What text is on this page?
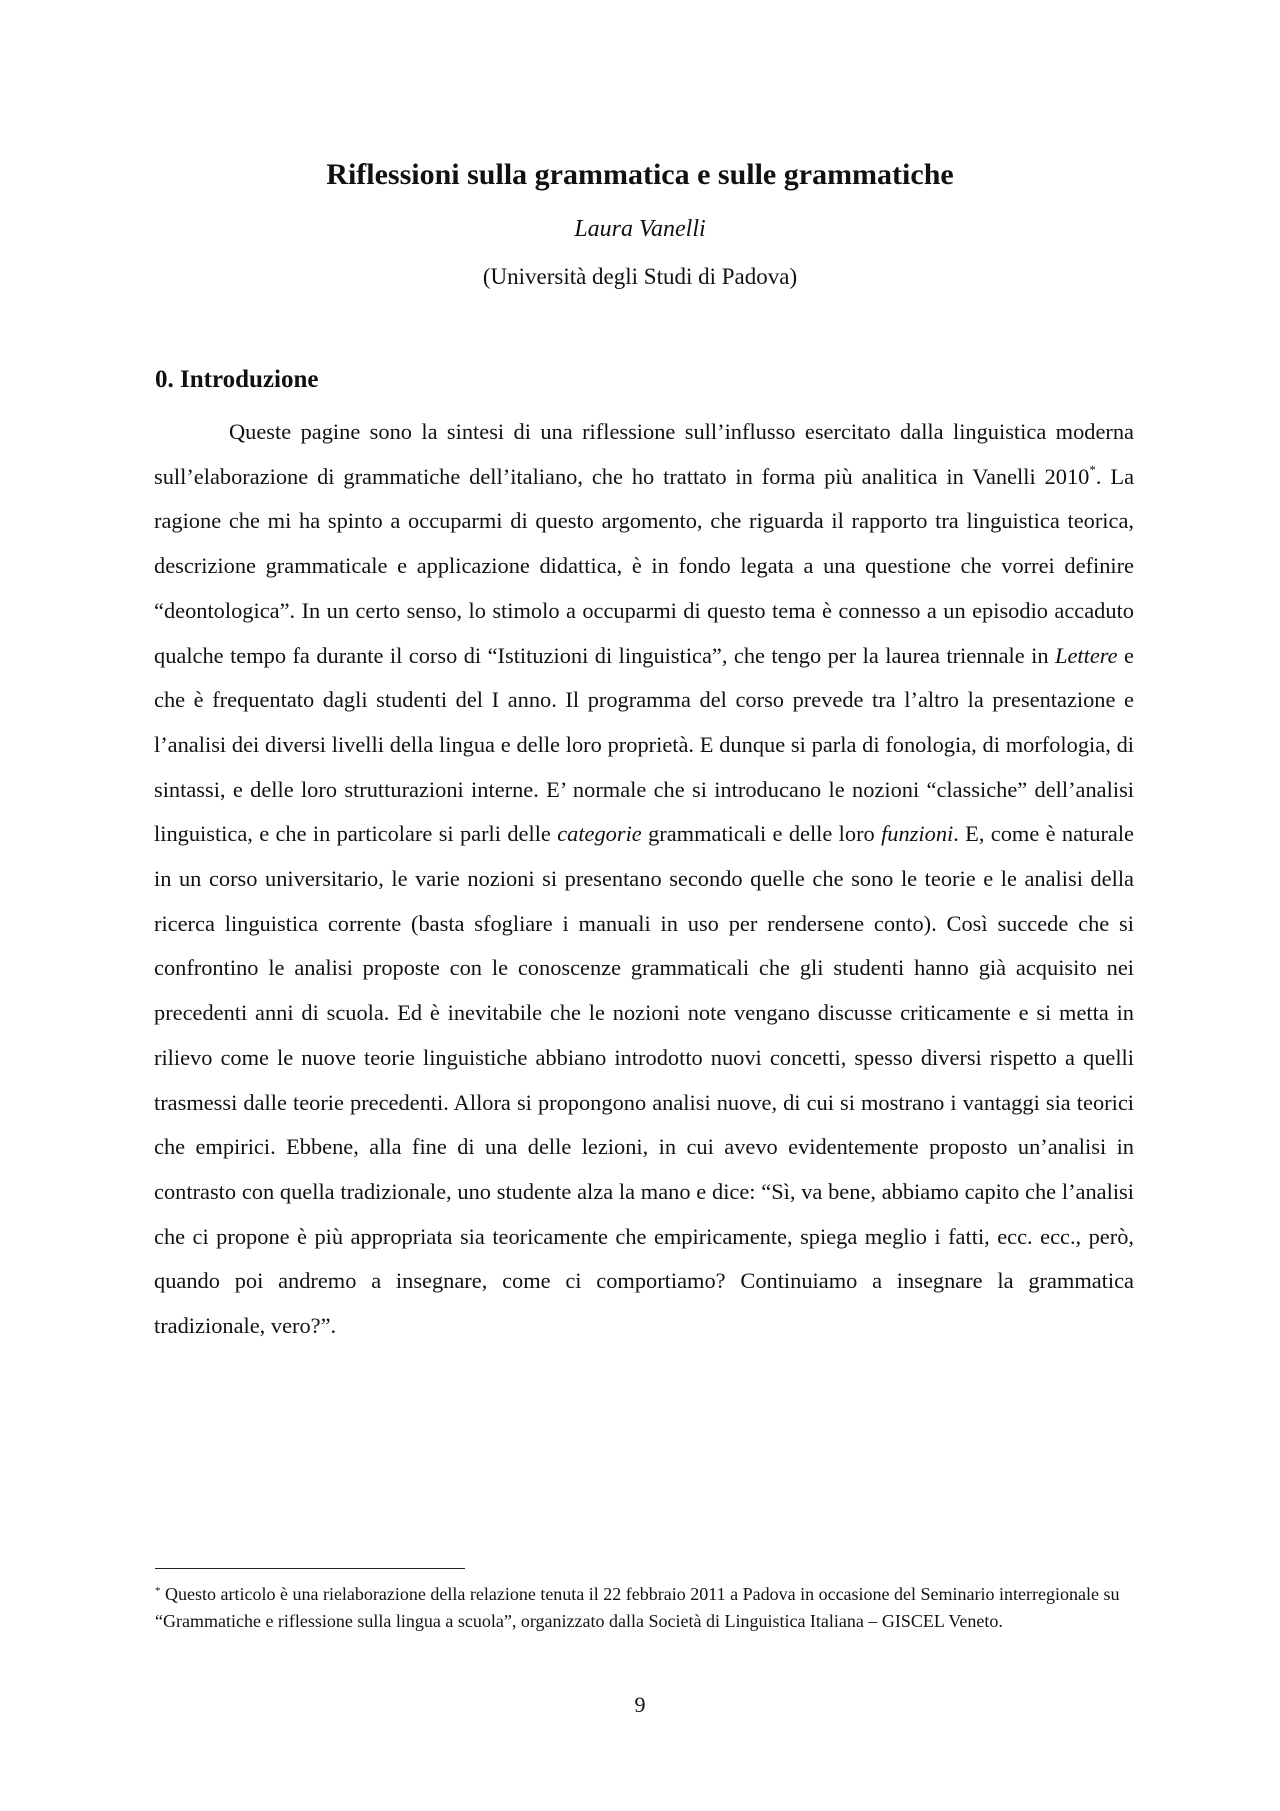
Riflessioni sulla grammatica e sulle grammatiche
Laura Vanelli
(Università degli Studi di Padova)
0. Introduzione
Queste pagine sono la sintesi di una riflessione sull’influsso esercitato dalla linguistica moderna sull’elaborazione di grammatiche dell’italiano, che ho trattato in forma più analitica in Vanelli 2010*. La ragione che mi ha spinto a occuparmi di questo argomento, che riguarda il rapporto tra linguistica teorica, descrizione grammaticale e applicazione didattica, è in fondo legata a una questione che vorrei definire “deontologica”. In un certo senso, lo stimolo a occuparmi di questo tema è connesso a un episodio accaduto qualche tempo fa durante il corso di “Istituzioni di linguistica”, che tengo per la laurea triennale in Lettere e che è frequentato dagli studenti del I anno. Il programma del corso prevede tra l’altro la presentazione e l’analisi dei diversi livelli della lingua e delle loro proprietà. E dunque si parla di fonologia, di morfologia, di sintassi, e delle loro strutturazioni interne. E’ normale che si introducano le nozioni “classiche” dell’analisi linguistica, e che in particolare si parli delle categorie grammaticali e delle loro funzioni. E, come è naturale in un corso universitario, le varie nozioni si presentano secondo quelle che sono le teorie e le analisi della ricerca linguistica corrente (basta sfogliare i manuali in uso per rendersene conto). Così succede che si confrontino le analisi proposte con le conoscenze grammaticali che gli studenti hanno già acquisito nei precedenti anni di scuola. Ed è inevitabile che le nozioni note vengano discusse criticamente e si metta in rilievo come le nuove teorie linguistiche abbiano introdotto nuovi concetti, spesso diversi rispetto a quelli trasmessi dalle teorie precedenti. Allora si propongono analisi nuove, di cui si mostrano i vantaggi sia teorici che empirici. Ebbene, alla fine di una delle lezioni, in cui avevo evidentemente proposto un’analisi in contrasto con quella tradizionale, uno studente alza la mano e dice: “Sì, va bene, abbiamo capito che l’analisi che ci propone è più appropriata sia teoricamente che empiricamente, spiega meglio i fatti, ecc. ecc., però, quando poi andremo a insegnare, come ci comportiamo? Continuiamo a insegnare la grammatica tradizionale, vero?”.
* Questo articolo è una rielaborazione della relazione tenuta il 22 febbraio 2011 a Padova in occasione del Seminario interregionale su “Grammatiche e riflessione sulla lingua a scuola”, organizzato dalla Società di Linguistica Italiana – GISCEL Veneto.
9
